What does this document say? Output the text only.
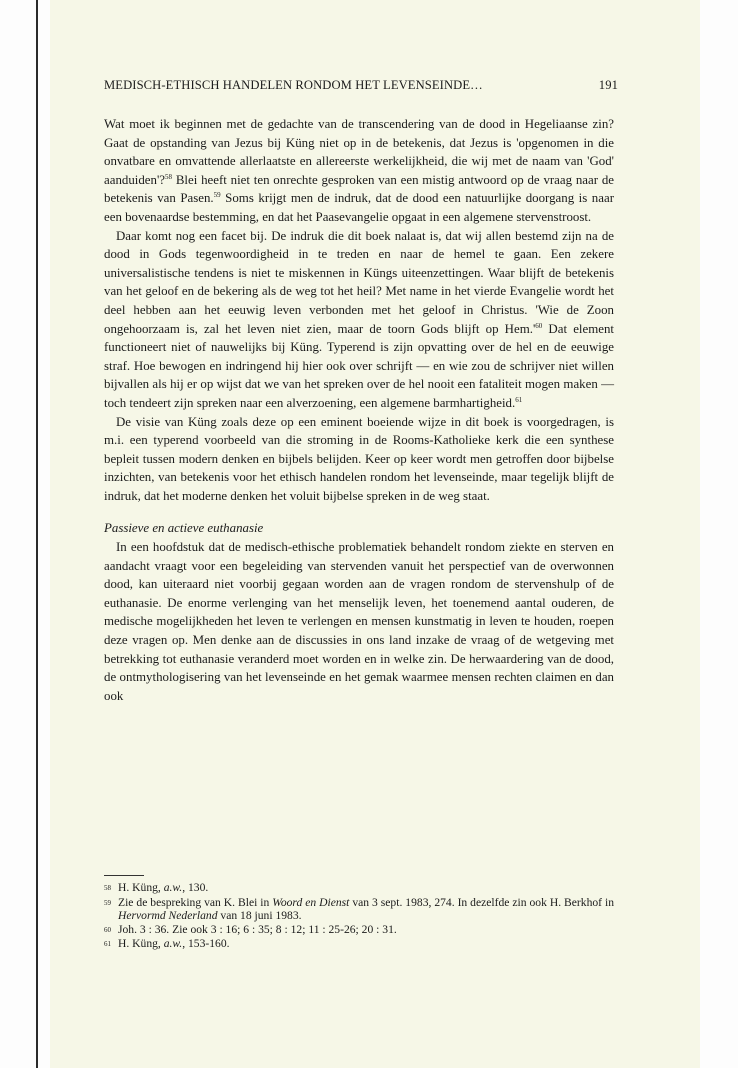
MEDISCH-ETHISCH HANDELEN RONDOM HET LEVENSEINDE…	191

Wat moet ik beginnen met de gedachte van de transcendering van de dood in Hegeliaanse zin? Gaat de opstanding van Jezus bij Küng niet op in de betekenis, dat Jezus is 'opgenomen in die onvatbare en omvattende allerlaatste en allereerste werkelijkheid, die wij met de naam van 'God' aanduiden'?$^{58}$ Blei heeft niet ten onrechte gesproken van een mistig antwoord op de vraag naar de betekenis van Pasen.$^{59}$ Soms krijgt men de indruk, dat de dood een natuurlijke doorgang is naar een bovenaardse bestemming, en dat het Paasevangelie opgaat in een algemene stervenstroost.

Daar komt nog een facet bij. De indruk die dit boek nalaat is, dat wij allen bestemd zijn na de dood in Gods tegenwoordigheid in te treden en naar de hemel te gaan. Een zekere universalistische tendens is niet te miskennen in Küngs uiteenzettingen. Waar blijft de betekenis van het geloof en de bekering als de weg tot het heil? Met name in het vierde Evangelie wordt het deel hebben aan het eeuwig leven verbonden met het geloof in Christus. 'Wie de Zoon ongehoorzaam is, zal het leven niet zien, maar de toorn Gods blijft op $Hem.'^{60}$ Dat element functioneert niet of nauwelijks bij Küng. Typerend is zijn opvatting over de hel en de eeuwige straf. Hoe bewogen en indringend hij hier ook over schrijft — en wie zou de schrijver niet willen bijvallen als hij er op wijst dat we van het spreken over de hel nooit een fataliteit mogen maken — toch tendeert zijn spreken naar een alverzoening, een algemene barmhartigheid.$^{61}$

De visie van Küng zoals deze op een eminent boeiende wijze in dit boek is voorgedragen, is m.i. een typerend voorbeeld van die stroming in de Rooms-Katholieke kerk die een synthese bepleit tussen modern denken en bijbels belijden. Keer op keer wordt men getroffen door bijbelse inzichten, van betekenis voor het ethisch handelen rondom het levenseinde, maar tegelijk blijft de indruk, dat het moderne denken het voluit bijbelse spreken in de weg staat.

Passieve en actieve euthanasie

In een hoofdstuk dat de medisch-ethische problematiek behandelt rondom ziekte en sterven en aandacht vraagt voor een begeleiding van stervenden vanuit het perspectief van de overwonnen dood, kan uiteraard niet voorbij gegaan worden aan de vragen rondom de stervenshulp of de euthanasie. De enorme verlenging van het menselijk leven, het toenemend aantal ouderen, de medische mogelijkheden het leven te verlengen en mensen kunstmatig in leven te houden, roepen deze vragen op. Men denke aan de discussies in ons land inzake de vraag of de wetgeving met betrekking tot euthanasie veranderd moet worden en in welke zin. De herwaardering van de dood, de ontmythologisering van het levenseinde en het gemak waarmee mensen rechten claimen en dan ook

58 H. Küng, a.w., 130.
59 Zie de bespreking van K. Blei in Woord en Dienst van 3 sept. 1983, 274. In dezelfde zin ook H. Berkhof in Hervormd Nederland van 18 juni 1983.
60 Joh. 3 : 36. Zie ook 3 : 16; 6 : 35; 8 : 12; 11 : 25-26; 20 : 31.
61 H. Küng, a.w., 153-160.
